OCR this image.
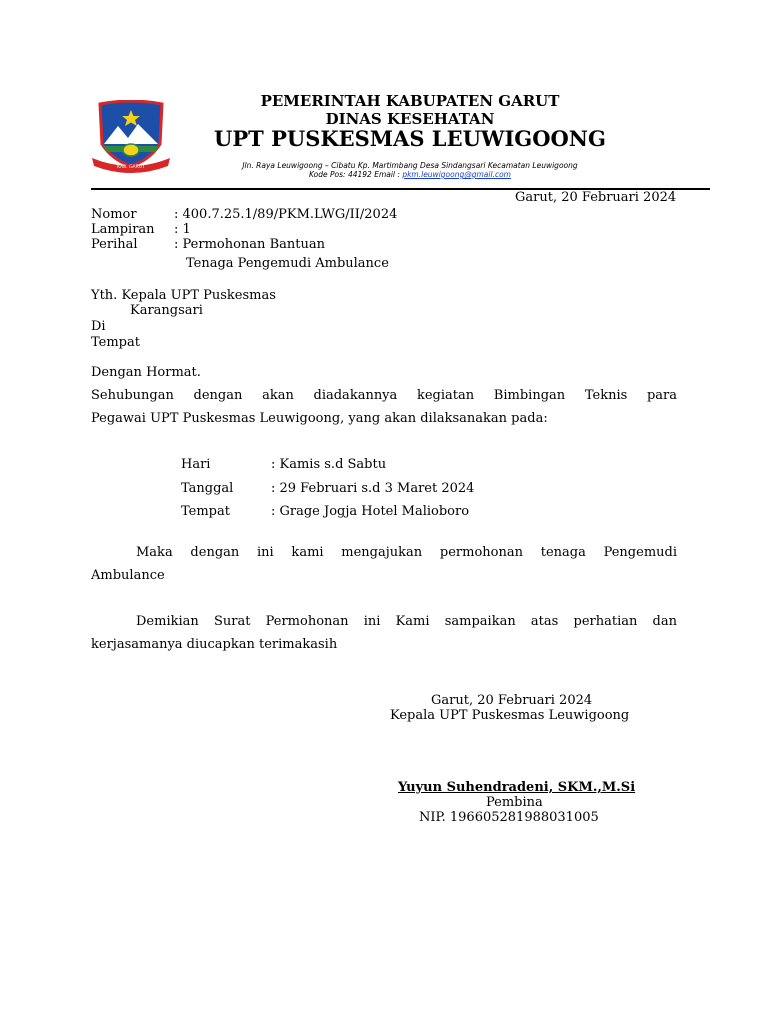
KAB. GARUT
PEMERINTAH KABUPATEN GARUT
DINAS KESEHATAN
UPT PUSKESMAS LEUWIGOONG
Jln. Raya Leuwigoong – Cibatu Kp. Martimbang Desa Sindangsari Kecamatan Leuwigoong
Kode Pos: 44192 Email : pkm.leuwigoong@gmail.com
Garut, 20 Februari 2024
Nomor	: 400.7.25.1/89/PKM.LWG/II/2024
Lampiran : 1
Perihal	: Permohonan Bantuan
Tenaga Pengemudi Ambulance
Yth. Kepala UPT Puskesmas
Karangsari
Di
Tempat
Dengan Hormat.
Sehubungan dengan akan diadakannya kegiatan Bimbingan Teknis para
Pegawai UPT Puskesmas Leuwigoong, yang akan dilaksanakan pada:
Hari	: Kamis s.d Sabtu
Tanggal	: 29 Februari s.d 3 Maret 2024
Tempat	: Grage Jogja Hotel Malioboro
Maka dengan ini kami mengajukan permohonan tenaga Pengemudi
Ambulance
Demikian Surat Permohonan ini Kami sampaikan atas perhatian dan
kerjasamanya diucapkan terimakasih
Garut, 20 Februari 2024
Kepala UPT Puskesmas Leuwigoong
Yuyun Suhendradeni, SKM.,M.Si
Pembina
NIP. 196605281988031005
